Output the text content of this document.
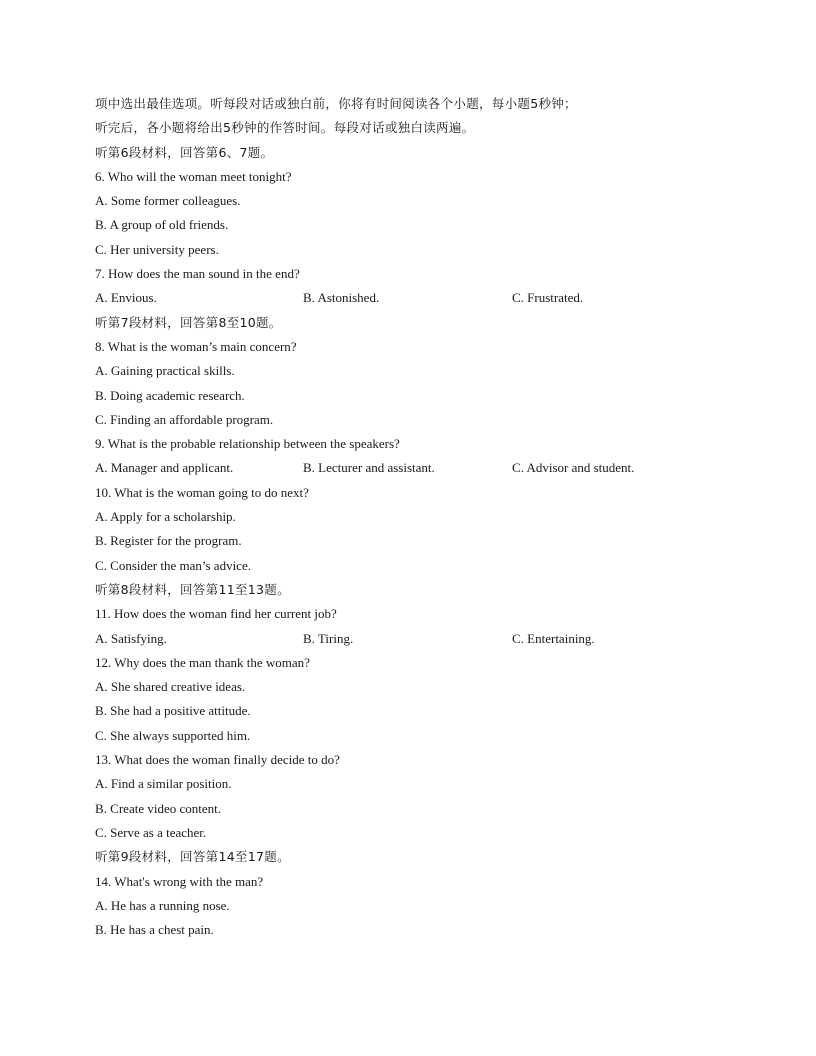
项中选出最佳选项。听每段对话或独白前，你将有时间阅读各个小题，每小题5秒钟；
听完后，各小题将给出5秒钟的作答时间。每段对话或独白读两遍。
听第6段材料，回答第6、7题。
6. Who will the woman meet tonight?
A. Some former colleagues.
B. A group of old friends.
C. Her university peers.
7. How does the man sound in the end?
A. Envious.	B. Astonished.	C. Frustrated.
听第7段材料，回答第8至10题。
8. What is the woman’s main concern?
A. Gaining practical skills.
B. Doing academic research.
C. Finding an affordable program.
9. What is the probable relationship between the speakers?
A. Manager and applicant.	B. Lecturer and assistant.	C. Advisor and student.
10. What is the woman going to do next?
A. Apply for a scholarship.
B. Register for the program.
C. Consider the man’s advice.
听第8段材料，回答第11至13题。
11. How does the woman find her current job?
A. Satisfying.	B. Tiring.	C. Entertaining.
12. Why does the man thank the woman?
A. She shared creative ideas.
B. She had a positive attitude.
C. She always supported him.
13. What does the woman finally decide to do?
A. Find a similar position.
B. Create video content.
C. Serve as a teacher.
听第9段材料，回答第14至17题。
14. What's wrong with the man?
A. He has a running nose.
B. He has a chest pain.
